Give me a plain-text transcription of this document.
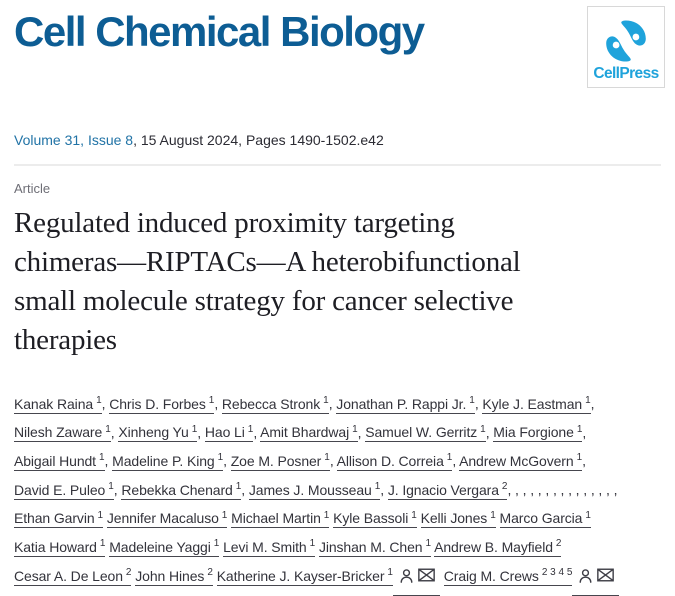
Cell Chemical Biology
CellPress
Volume 31, Issue 8, 15 August 2024, Pages 1490-1502.e42
Article
Regulated induced proximity targeting
chimeras—RIPTACs—A heterobifunctional
small molecule strategy for cancer selective
therapies
Kanak Raina $^1$, Chris D. Forbes $^1$, Rebecca Stronk $^1$, Jonathan P. Rappi Jr. $^1$, Kyle J. Eastman $^1$,
Nilesh Zaware $^1$, Xinheng Yu $^1$, Hao Li $^1$, Amit Bhardwaj $^1$, Samuel W. Gerritz $^1$, Mia Forgione $^1$,
Abigail Hundt $^1$, Madeline P. King $^1$, Zoe M. Posner $^1$, Allison D. Correia $^1$, Andrew McGovern $^1$,
David E. Puleo $^1$, Rebekka Chenard $^1$, James J. Mousseau $^1$, J. Ignacio Vergara $^2$, , , , , , , , , , , , , , ,
Ethan Garvin $^1$ Jennifer Macaluso $^1$ Michael Martin $^1$ Kyle Bassoli $^1$ Kelli Jones $^1$ Marco Garcia $^1$
Katia Howard $^1$ Madeleine Yaggi $^1$ Levi M. Smith $^1$ Jinshan M. Chen $^1$ Andrew B. Mayfield $^2$
Cesar A. De Leon $^2$ John Hines $^2$ Katherine J. Kayser-Bricker $^1$	Craig M. Crews $^{2 3 4 5}$
